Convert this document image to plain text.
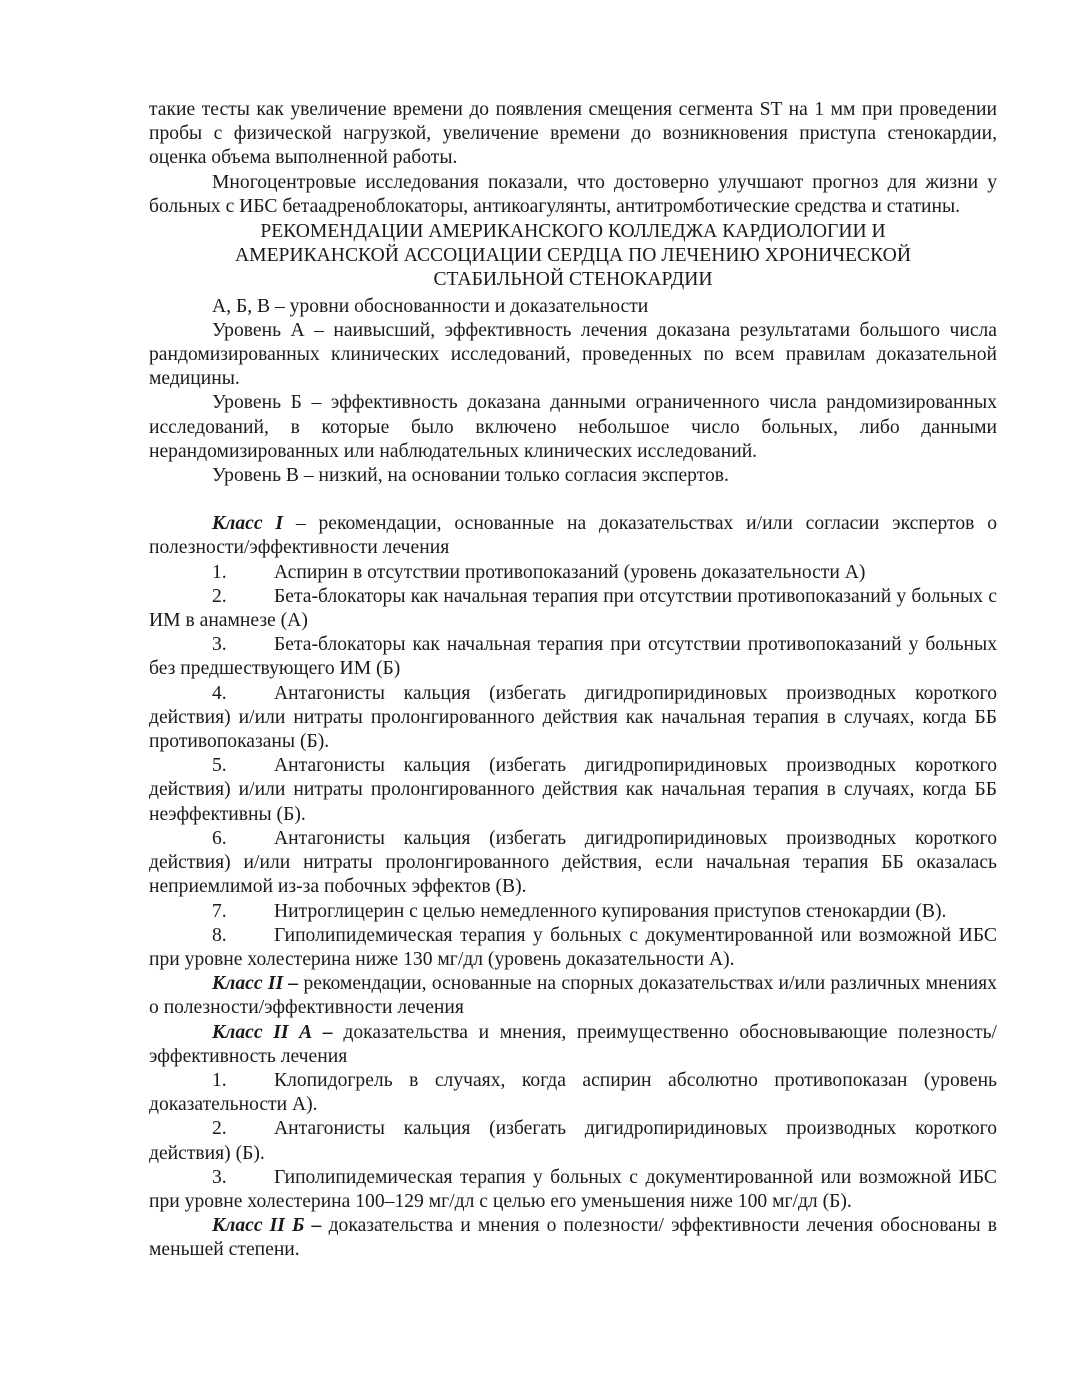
такие тесты как увеличение времени до появления смещения сегмента ST на 1 мм при проведении пробы с физической нагрузкой, увеличение времени до возникновения приступа стенокардии, оценка объема выполненной работы.

Многоцентровые исследования показали, что достоверно улучшают прогноз для жизни у больных с ИБС бетаадреноблокаторы, антикоагулянты, антитромботические средства и статины.

РЕКОМЕНДАЦИИ АМЕРИКАНСКОГО КОЛЛЕДЖА КАРДИОЛОГИИ И
АМЕРИКАНСКОЙ АССОЦИАЦИИ СЕРДЦА ПО ЛЕЧЕНИЮ ХРОНИЧЕСКОЙ
СТАБИЛЬНОЙ СТЕНОКАРДИИ

А, Б, В – уровни обоснованности и доказательности

Уровень А – наивысший, эффективность лечения доказана результатами большого числа рандомизированных клинических исследований, проведенных по всем правилам доказательной медицины.

Уровень Б – эффективность доказана данными ограниченного числа рандомизированных исследований, в которые было включено небольшое число больных, либо данными нерандомизированных или наблюдательных клинических исследований.

Уровень В – низкий, на основании только согласия экспертов.

Класс I – рекомендации, основанные на доказательствах и/или согласии экспертов о полезности/эффективности лечения

1. Аспирин в отсутствии противопоказаний (уровень доказательности А)

2. Бета-блокаторы как начальная терапия при отсутствии противопоказаний у больных с ИМ в анамнезе (А)

3. Бета-блокаторы как начальная терапия при отсутствии противопоказаний у больных без предшествующего ИМ (Б)

4. Антагонисты кальция (избегать дигидропиридиновых производных короткого действия) и/или нитраты пролонгированного действия как начальная терапия в случаях, когда ББ противопоказаны (Б).

5. Антагонисты кальция (избегать дигидропиридиновых производных короткого действия) и/или нитраты пролонгированного действия как начальная терапия в случаях, когда ББ неэффективны (Б).

6. Антагонисты кальция (избегать дигидропиридиновых производных короткого действия) и/или нитраты пролонгированного действия, если начальная терапия ББ оказалась неприемлимой из-за побочных эффектов (В).

7. Нитроглицерин с целью немедленного купирования приступов стенокардии (В).

8. Гиполипидемическая терапия у больных с документированной или возможной ИБС при уровне холестерина ниже 130 мг/дл (уровень доказательности А).

Класс II – рекомендации, основанные на спорных доказательствах и/или различных мнениях о полезности/эффективности лечения

Класс II А – доказательства и мнения, преимущественно обосновывающие полезность/ эффективность лечения

1. Клопидогрель в случаях, когда аспирин абсолютно противопоказан (уровень доказательности А).

2. Антагонисты кальция (избегать дигидропиридиновых производных короткого действия) (Б).

3. Гиполипидемическая терапия у больных с документированной или возможной ИБС при уровне холестерина 100–129 мг/дл с целью его уменьшения ниже 100 мг/дл (Б).

Класс II Б – доказательства и мнения о полезности/ эффективности лечения обоснованы в меньшей степени.
